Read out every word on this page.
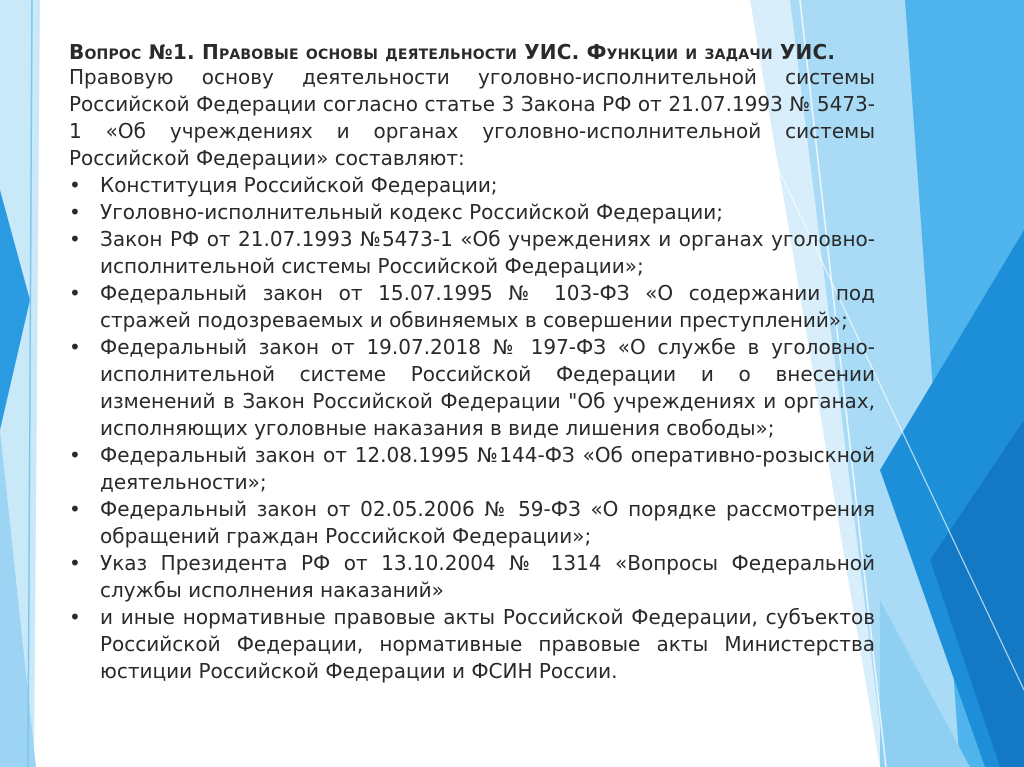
Вопрос №1. Правовые основы деятельности УИС. Функции и задачи УИС.

Правовую основу деятельности уголовно-исполнительной системы Российской Федерации согласно статье 3 Закона РФ от 21.07.1993 № 5473-1 «Об учреждениях и органах уголовно-исполнительной системы Российской Федерации» составляют:

• Конституция Российской Федерации;
• Уголовно-исполнительный кодекс Российской Федерации;
• Закон РФ от 21.07.1993 №5473-1 «Об учреждениях и органах уголовно-исполнительной системы Российской Федерации»;
• Федеральный закон от 15.07.1995 № 103-ФЗ «О содержании под стражей подозреваемых и обвиняемых в совершении преступлений»;
• Федеральный закон от 19.07.2018 № 197-ФЗ «О службе в уголовно-исполнительной системе Российской Федерации и о внесении изменений в Закон Российской Федерации "Об учреждениях и органах, исполняющих уголовные наказания в виде лишения свободы»;
• Федеральный закон от 12.08.1995 №144-ФЗ «Об оперативно-розыскной деятельности»;
• Федеральный закон от 02.05.2006 № 59-ФЗ «О порядке рассмотрения обращений граждан Российской Федерации»;
• Указ Президента РФ от 13.10.2004 № 1314 «Вопросы Федеральной службы исполнения наказаний»
• и иные нормативные правовые акты Российской Федерации, субъектов Российской Федерации, нормативные правовые акты Министерства юстиции Российской Федерации и ФСИН России.
